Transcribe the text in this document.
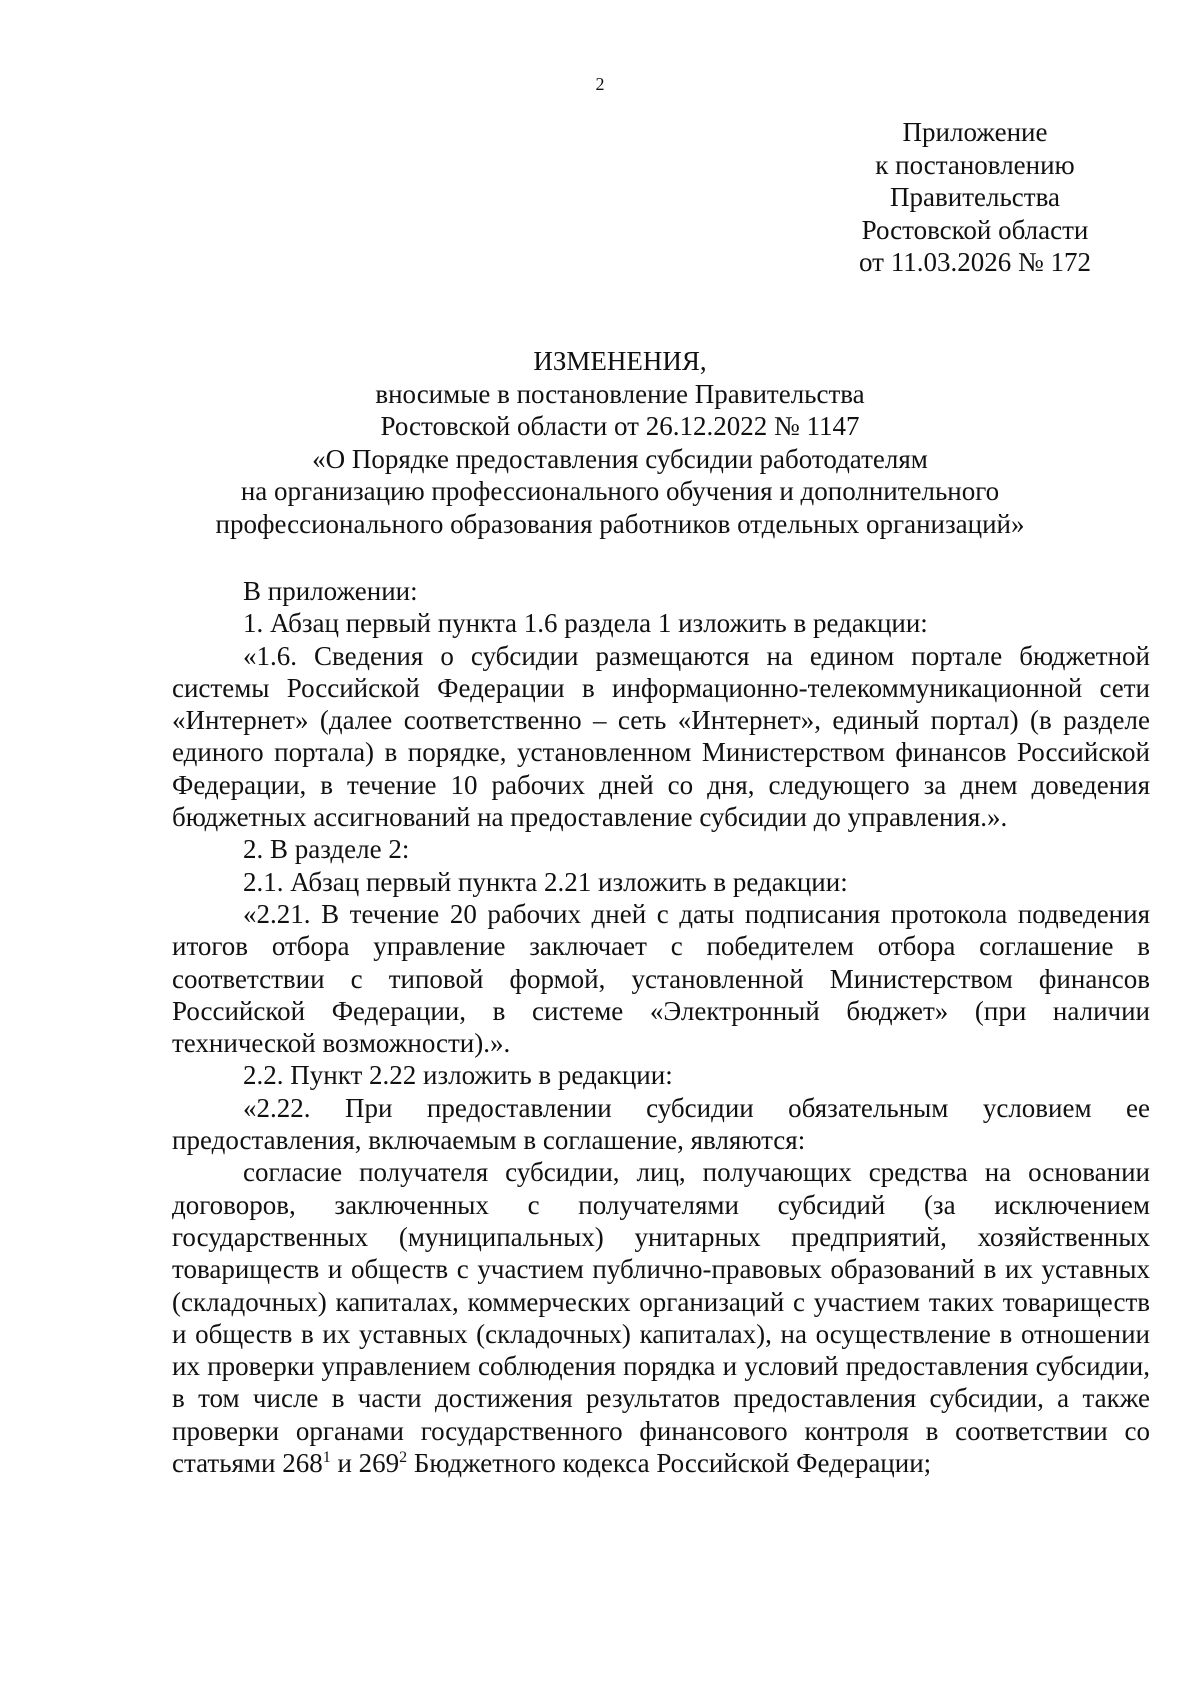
2
Приложение
к постановлению
Правительства
Ростовской области
от 11.03.2026 № 172
ИЗМЕНЕНИЯ,
вносимые в постановление Правительства
Ростовской области от 26.12.2022 № 1147
«О Порядке предоставления субсидии работодателям
на организацию профессионального обучения и дополнительного
профессионального образования работников отдельных организаций»

В приложении:

1. Абзац первый пункта 1.6 раздела 1 изложить в редакции:

«1.6. Сведения о субсидии размещаются на едином портале бюджетной системы Российской Федерации в информационно-телекоммуникационной сети «Интернет» (далее соответственно – сеть «Интернет», единый портал) (в разделе единого портала) в порядке, установленном Министерством финансов Российской Федерации, в течение 10 рабочих дней со дня, следующего за днем доведения бюджетных ассигнований на предоставление субсидии до управления.».

2. В разделе 2:

2.1. Абзац первый пункта 2.21 изложить в редакции:

«2.21. В течение 20 рабочих дней с даты подписания протокола подведения итогов отбора управление заключает с победителем отбора соглашение в соответствии с типовой формой, установленной Министерством финансов Российской Федерации, в системе «Электронный бюджет» (при наличии технической возможности).».

2.2. Пункт 2.22 изложить в редакции:

«2.22. При предоставлении субсидии обязательным условием ее предоставления, включаемым в соглашение, являются:

согласие получателя субсидии, лиц, получающих средства на основании договоров, заключенных с получателями субсидий (за исключением государственных (муниципальных) унитарных предприятий, хозяйственных товариществ и обществ с участием публично-правовых образований в их уставных (складочных) капиталах, коммерческих организаций с участием таких товариществ и обществ в их уставных (складочных) капиталах), на осуществление в отношении их проверки управлением соблюдения порядка и условий предоставления субсидии, в том числе в части достижения результатов предоставления субсидии, а также проверки органами государственного финансового контроля в соответствии со статьями $268^1$ и $269^2$ Бюджетного кодекса Российской Федерации;
